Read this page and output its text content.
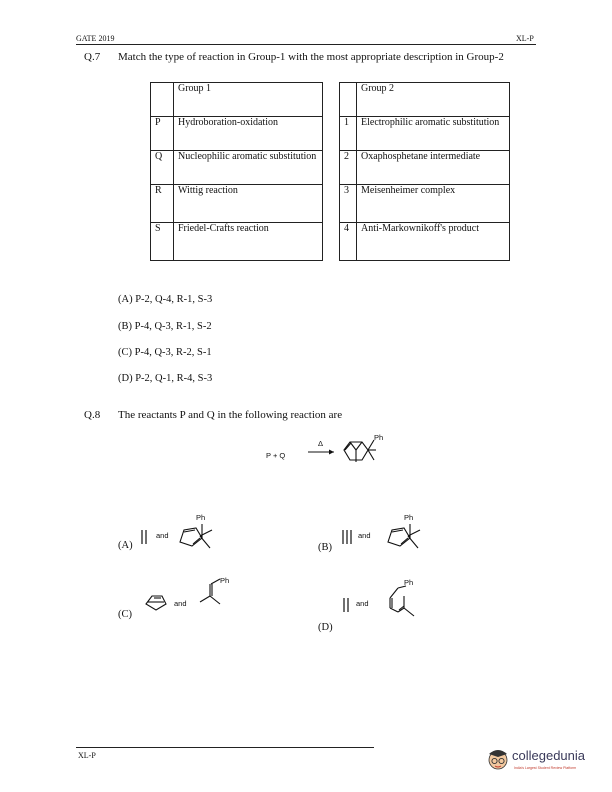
GATE 2019	XL-P
Q.7 Match the type of reaction in Group-1 with the most appropriate description in Group-2
	Group 1			Group 2
P	Hydroboration-oxidation		1	Electrophilic aromatic substitution
Q	Nucleophilic aromatic substitution		2	Oxaphosphetane intermediate
R	Wittig reaction		3	Meisenheimer complex
S	Friedel-Crafts reaction		4	Anti-Markownikoff's product
(A) P-2, Q-4, R-1, S-3
(B) P-4, Q-3, R-1, S-2
(C) P-4, Q-3, R-2, S-1
(D) P-2, Q-1, R-4, S-3
Q.8 The reactants P and Q in the following reaction are
P + Q
Δ
Ph
(A)
and
Ph
(B)
and
Ph
(C)
and
Ph
(D)
and
Ph
XL-P	collegedunia
India's Largest Student Review Platform
